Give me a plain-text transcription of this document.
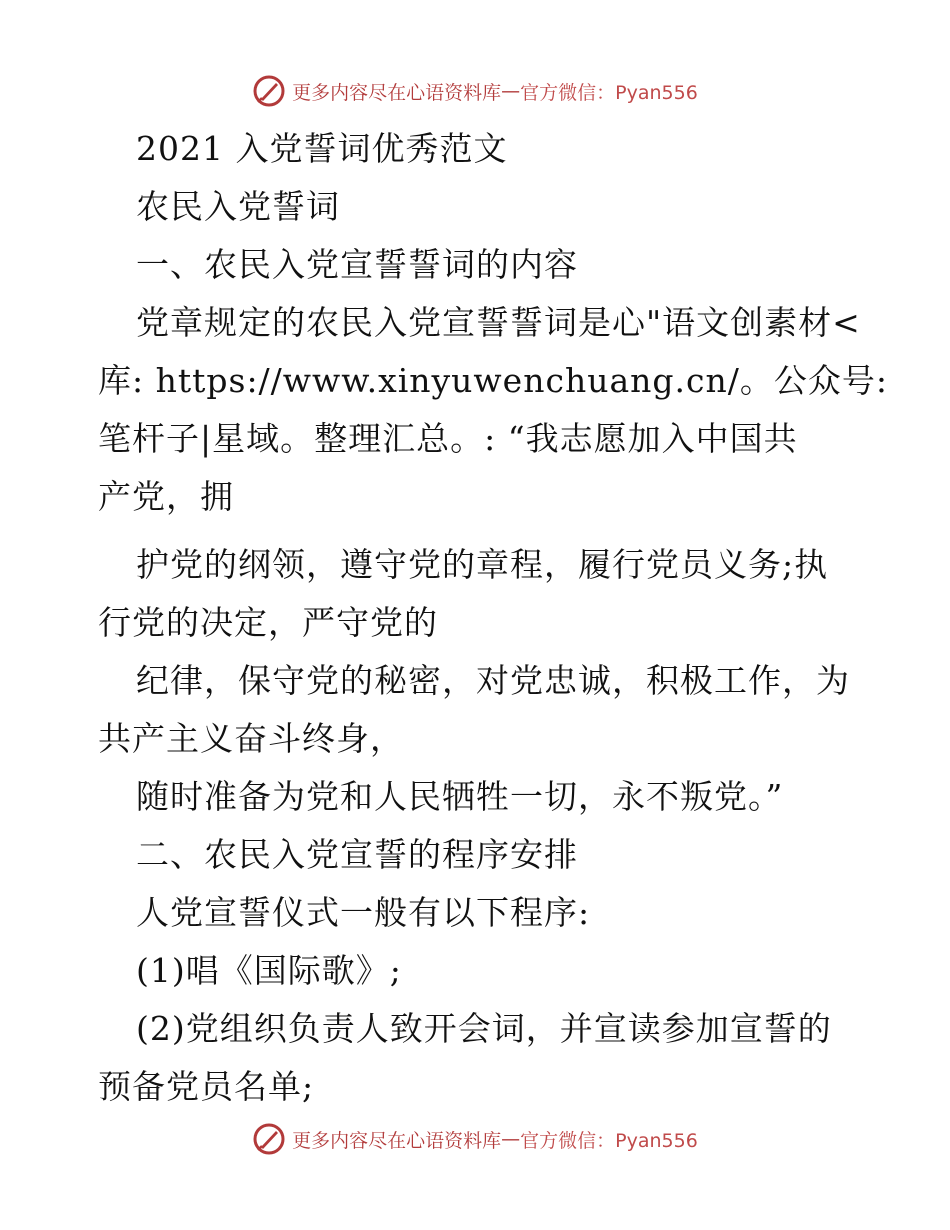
更多内容尽在心语资料库 — 官方微信：Pyan556
2021 入党誓词优秀范文
农民入党誓词
一、农民入党宣誓誓词的内容
党章规定的农民入党宣誓誓词是心"语文创素材<
库: https://www.xinyuwenchuang.cn/。公众号:
笔杆子|星域。整理汇总。: “我志愿加入中国共
产党，拥
护党的纲领，遵守党的章程，履行党员义务;执
行党的决定，严守党的
纪律，保守党的秘密，对党忠诚，积极工作，为
共产主义奋斗终身，
随时准备为党和人民牺牲一切，永不叛党。”
二、农民入党宣誓的程序安排
人党宣誓仪式一般有以下程序:
(1)唱《国际歌》;
(2)党组织负责人致开会词，并宣读参加宣誓的
预备党员名单;
更多内容尽在心语资料库 — 官方微信：Pyan556
